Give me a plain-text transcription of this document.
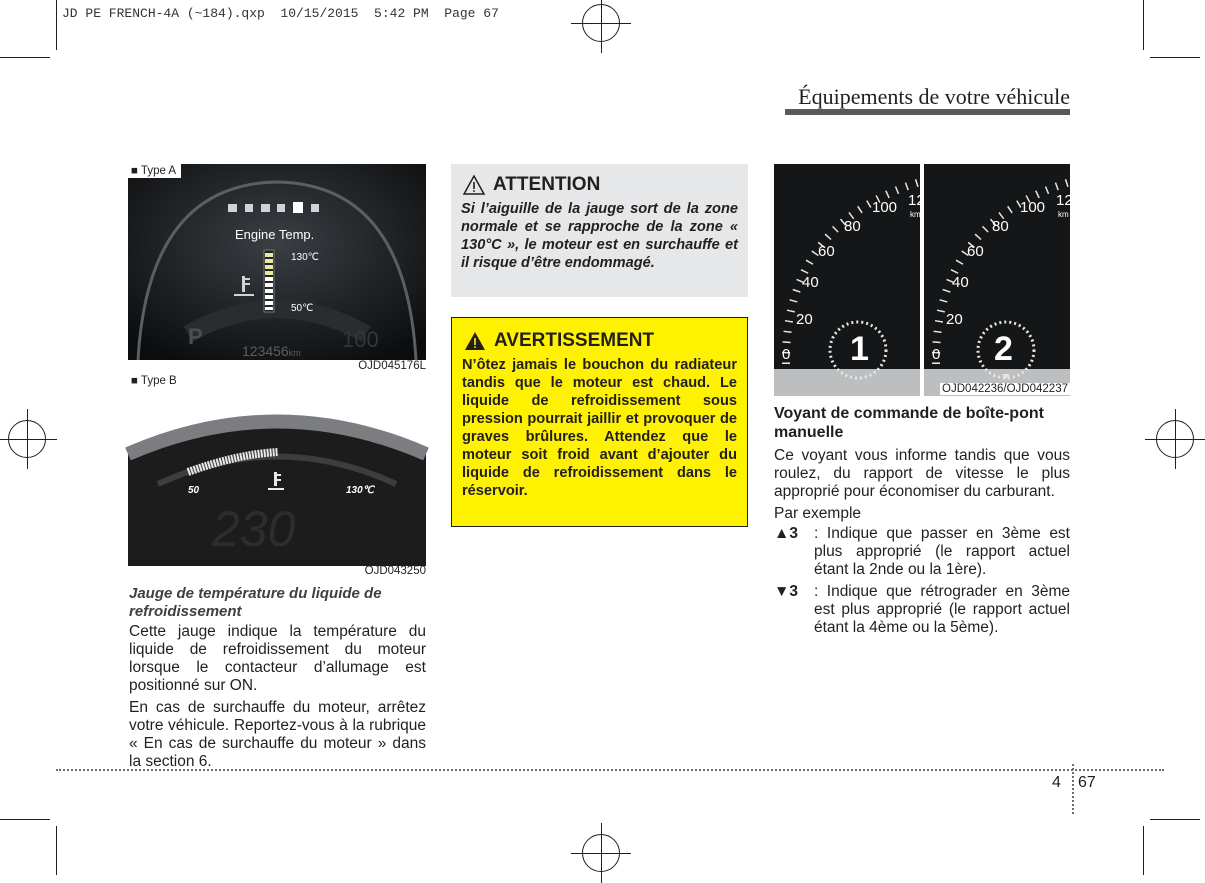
JD PE FRENCH-4A (~184).qxp  10/15/2015  5:42 PM  Page 67
Équipements de votre véhicule
■ Type A
Engine Temp.
130℃
50℃
P
123456km
100
OJD045176L
■ Type B
50	130℃
230
OJD043250
Jauge de température du liquide de refroidissement

Cette jauge indique la température du liquide de refroidissement du moteur lorsque le contacteur d’allumage est positionné sur ON.

En cas de surchauffe du moteur, arrêtez votre véhicule. Reportez-vous à la rubrique « En cas de surchauffe du moteur » dans la section 6.

ATTENTION
Si l’aiguille de la jauge sort de la zone normale et se rapproche de la zone « 130°C », le moteur est en surchauffe et il risque d’être endommagé.
AVERTISSEMENT
N’ôtez jamais le bouchon du radiateur tandis que le moteur est chaud. Le liquide de refroidissement sous pression pourrait jaillir et provoquer de graves brûlures. Attendez que le moteur soit froid avant d’ajouter du liquide de refroidissement dans le réservoir.
0
20
40
60
80
100 12
km
0
20
40
60
80
100 12
km
1	2
OJD042236/OJD042237
Voyant de commande de boîte-pont manuelle

Ce voyant vous informe tandis que vous roulez, du rapport de vitesse le plus approprié pour économiser du carburant.

Par exemple

▲3	: Indique que passer en 3ème est plus approprié (le rapport actuel étant la 2nde ou la 1ère).
▼3	: Indique que rétrograder en 3ème est plus approprié (le rapport actuel étant la 4ème ou la 5ème).
4 67
